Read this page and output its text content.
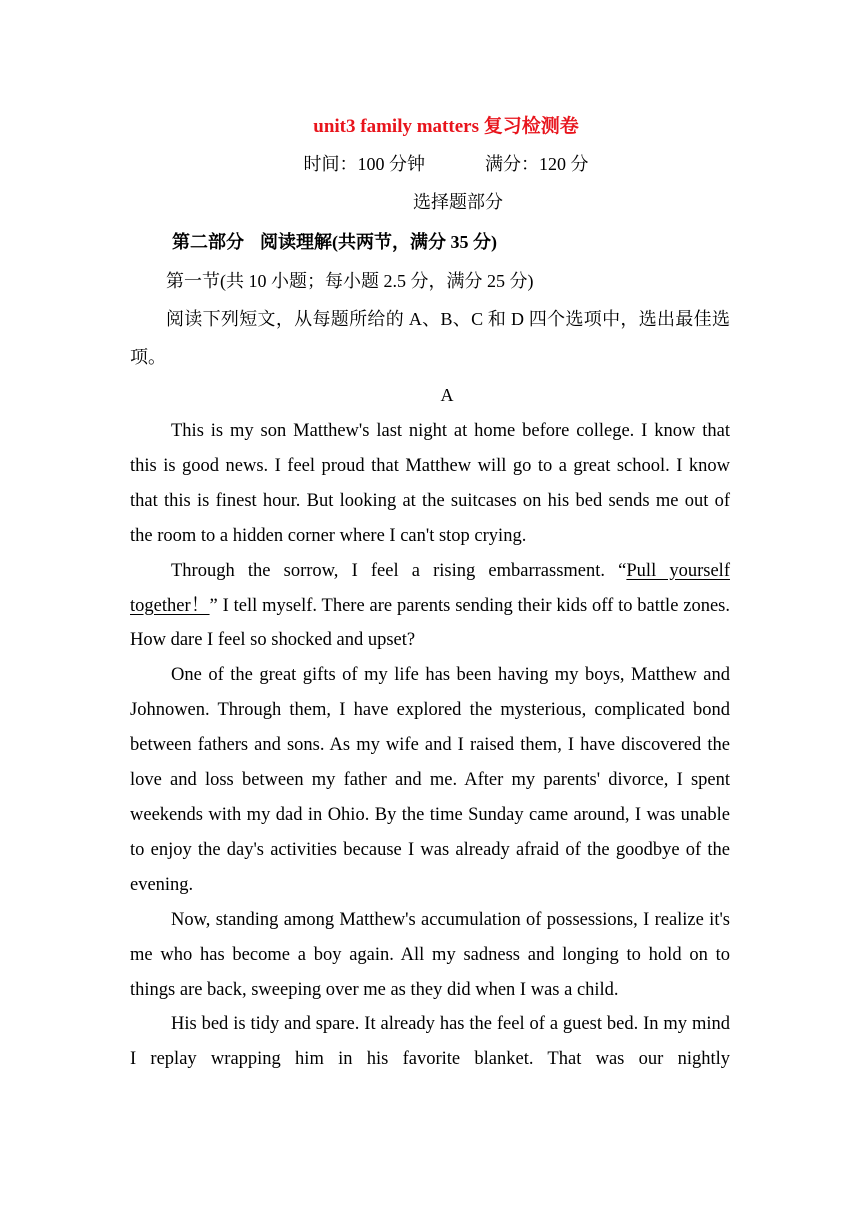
unit3 family matters 复习检测卷

时间：100 分钟	满分：120 分

选择题部分

第二部分 阅读理解(共两节，满分 35 分)

第一节(共 10 小题；每小题 2.5 分，满分 25 分)

阅读下列短文，从每题所给的 A、B、C 和 D 四个选项中，选出最佳选项。

A

This is my son Matthew's last night at home before college. I know that this is good news. I feel proud that Matthew will go to a great school. I know that this is finest hour. But looking at the suitcases on his bed sends me out of the room to a hidden corner where I can't stop crying.

Through the sorrow, I feel a rising embarrassment. “Pull yourself together！” I tell myself. There are parents sending their kids off to battle zones. How dare I feel so shocked and upset?

One of the great gifts of my life has been having my boys, Matthew and Johnowen. Through them, I have explored the mysterious, complicated bond between fathers and sons. As my wife and I raised them, I have discovered the love and loss between my father and me. After my parents' divorce, I spent weekends with my dad in Ohio. By the time Sunday came around, I was unable to enjoy the day's activities because I was already afraid of the goodbye of the evening.

Now, standing among Matthew's accumulation of possessions, I realize it's me who has become a boy again. All my sadness and longing to hold on to things are back, sweeping over me as they did when I was a child.

His bed is tidy and spare. It already has the feel of a guest bed. In my mind I replay wrapping him in his favorite blanket. That was our nightly
